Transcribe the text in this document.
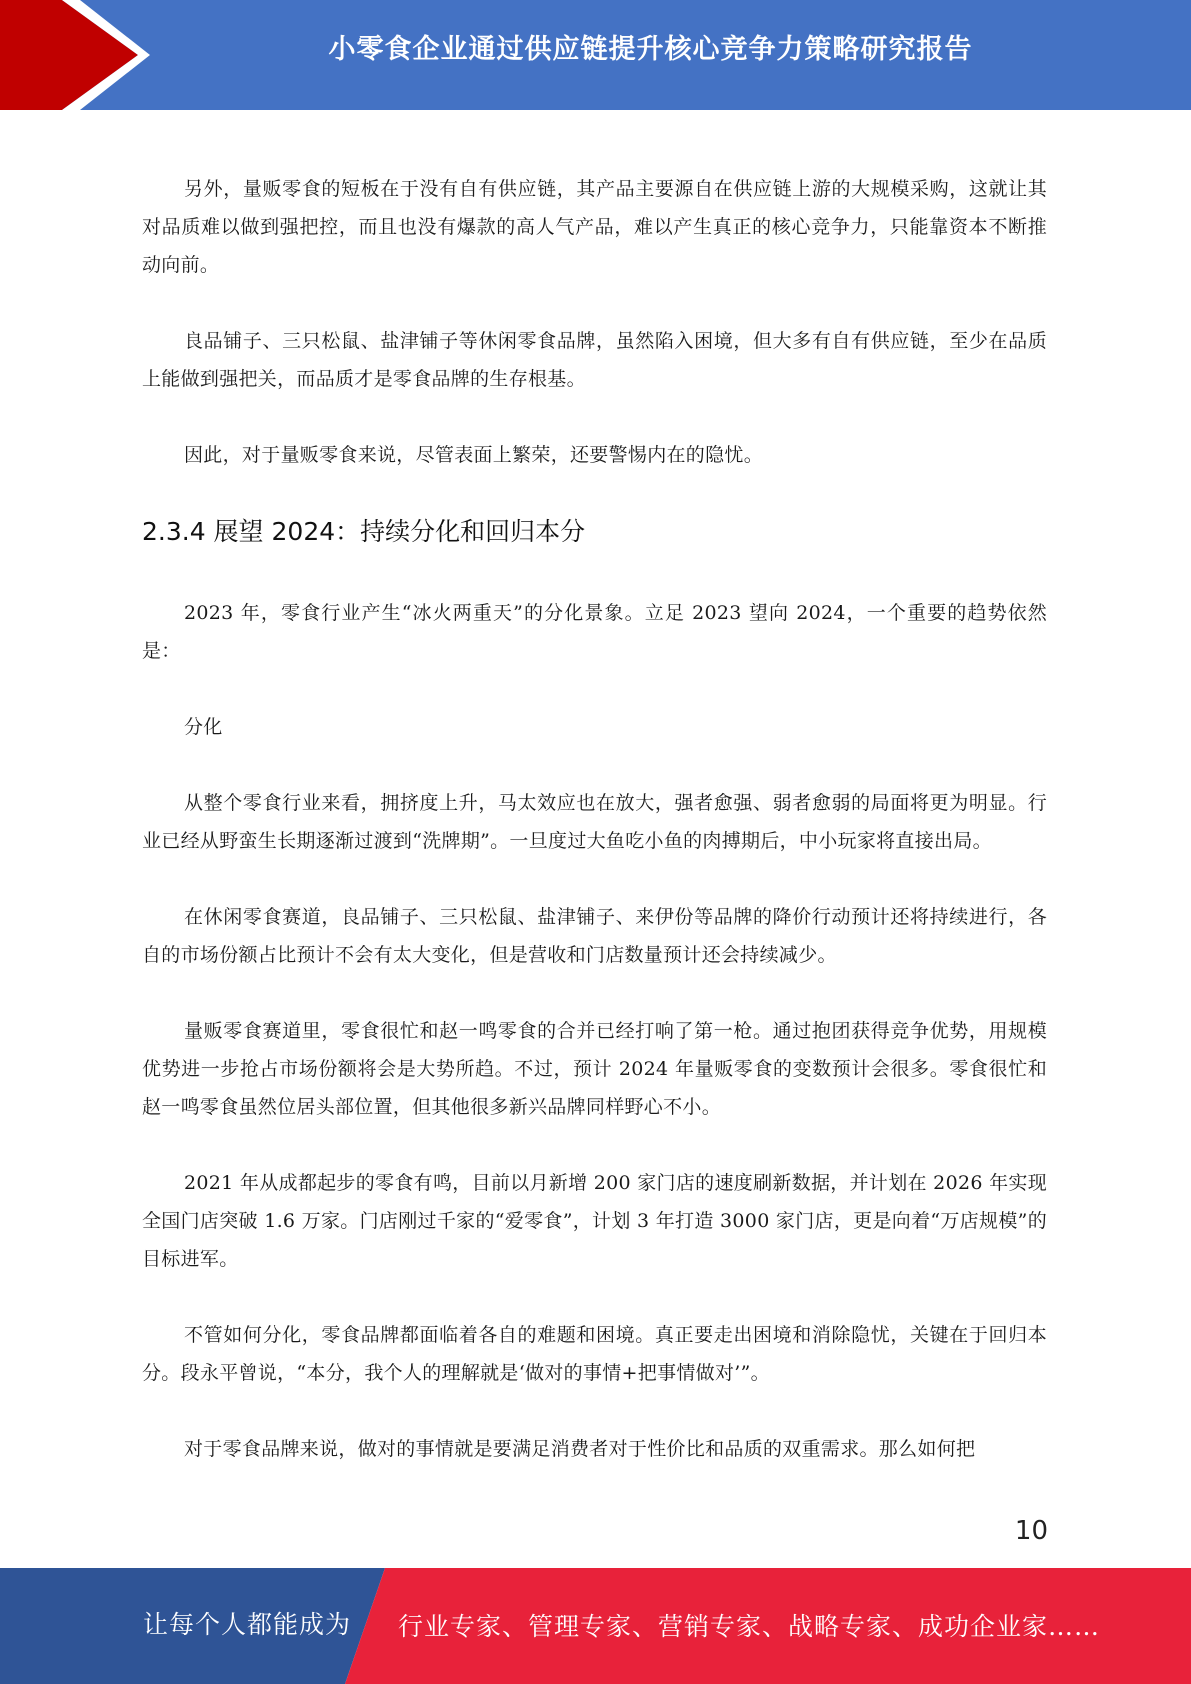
小零食企业通过供应链提升核心竞争力策略研究报告

另外，量贩零食的短板在于没有自有供应链，其产品主要源自在供应链上游的大规模采购，这就让其对品质难以做到强把控，而且也没有爆款的高人气产品，难以产生真正的核心竞争力，只能靠资本不断推动向前。

良品铺子、三只松鼠、盐津铺子等休闲零食品牌，虽然陷入困境，但大多有自有供应链，至少在品质上能做到强把关，而品质才是零食品牌的生存根基。

因此，对于量贩零食来说，尽管表面上繁荣，还要警惕内在的隐忧。

2.3.4 展望 2024：持续分化和回归本分

2023 年，零食行业产生“冰火两重天”的分化景象。立足 2023 望向 2024，一个重要的趋势依然是：

分化

从整个零食行业来看，拥挤度上升，马太效应也在放大，强者愈强、弱者愈弱的局面将更为明显。行业已经从野蛮生长期逐渐过渡到“洗牌期”。一旦度过大鱼吃小鱼的肉搏期后，中小玩家将直接出局。

在休闲零食赛道，良品铺子、三只松鼠、盐津铺子、来伊份等品牌的降价行动预计还将持续进行，各自的市场份额占比预计不会有太大变化，但是营收和门店数量预计还会持续减少。

量贩零食赛道里，零食很忙和赵一鸣零食的合并已经打响了第一枪。通过抱团获得竞争优势，用规模优势进一步抢占市场份额将会是大势所趋。不过，预计 2024 年量贩零食的变数预计会很多。零食很忙和赵一鸣零食虽然位居头部位置，但其他很多新兴品牌同样野心不小。

2021 年从成都起步的零食有鸣，目前以月新增 200 家门店的速度刷新数据，并计划在 2026 年实现全国门店突破 1.6 万家。门店刚过千家的“爱零食”，计划 3 年打造 3000 家门店，更是向着“万店规模”的目标进军。

不管如何分化，零食品牌都面临着各自的难题和困境。真正要走出困境和消除隐忧，关键在于回归本分。段永平曾说，“本分，我个人的理解就是‘做对的事情+把事情做对’”。

对于零食品牌来说，做对的事情就是要满足消费者对于性价比和品质的双重需求。那么如何把

10
让每个人都能成为 行业专家、管理专家、营销专家、战略专家、成功企业家……
